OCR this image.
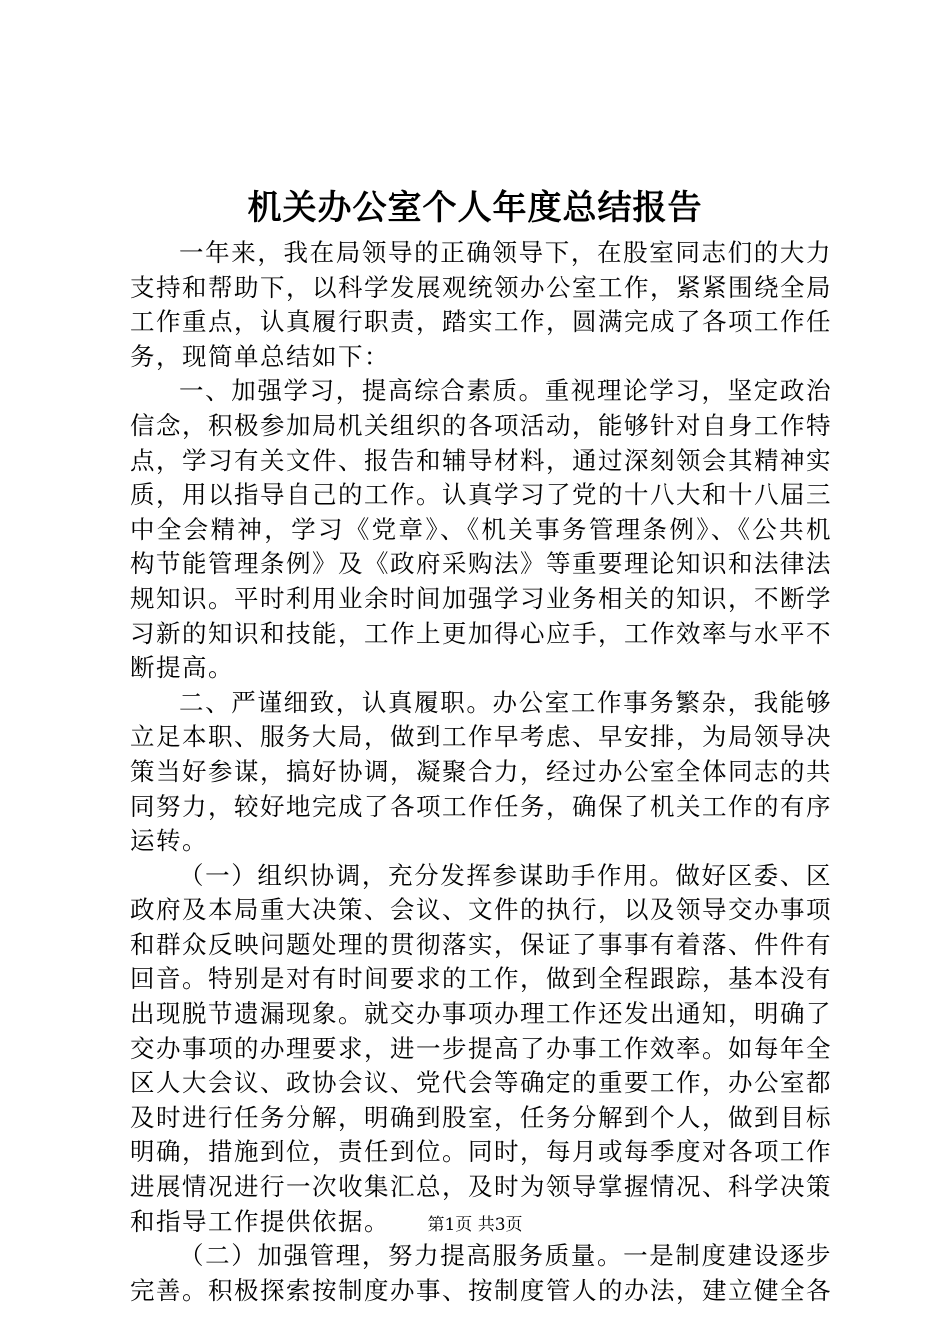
机关办公室个人年度总结报告

一年来，我在局领导的正确领导下，在股室同志们的大力支持和帮助下，以科学发展观统领办公室工作，紧紧围绕全局工作重点，认真履行职责，踏实工作，圆满完成了各项工作任务，现简单总结如下：

一、加强学习，提高综合素质。重视理论学习，坚定政治信念，积极参加局机关组织的各项活动，能够针对自身工作特点，学习有关文件、报告和辅导材料，通过深刻领会其精神实质，用以指导自己的工作。认真学习了党的十八大和十八届三中全会精神，学习《党章》、《机关事务管理条例》、《公共机构节能管理条例》及《政府采购法》等重要理论知识和法律法规知识。平时利用业余时间加强学习业务相关的知识，不断学习新的知识和技能，工作上更加得心应手，工作效率与水平不断提高。

二、严谨细致，认真履职。办公室工作事务繁杂，我能够立足本职、服务大局，做到工作早考虑、早安排，为局领导决策当好参谋，搞好协调，凝聚合力，经过办公室全体同志的共同努力，较好地完成了各项工作任务，确保了机关工作的有序运转。

（一）组织协调，充分发挥参谋助手作用。做好区委、区政府及本局重大决策、会议、文件的执行，以及领导交办事项和群众反映问题处理的贯彻落实，保证了事事有着落、件件有回音。特别是对有时间要求的工作，做到全程跟踪，基本没有出现脱节遗漏现象。就交办事项办理工作还发出通知，明确了交办事项的办理要求，进一步提高了办事工作效率。如每年全区人大会议、政协会议、党代会等确定的重要工作，办公室都及时进行任务分解，明确到股室，任务分解到个人，做到目标明确，措施到位，责任到位。同时，每月或每季度对各项工作进展情况进行一次收集汇总，及时为领导掌握情况、科学决策和指导工作提供依据。

（二）加强管理，努力提高服务质量。一是制度建设逐步完善。积极探索按制度办事、按制度管人的办法，建立健全各

第1页 共3页
